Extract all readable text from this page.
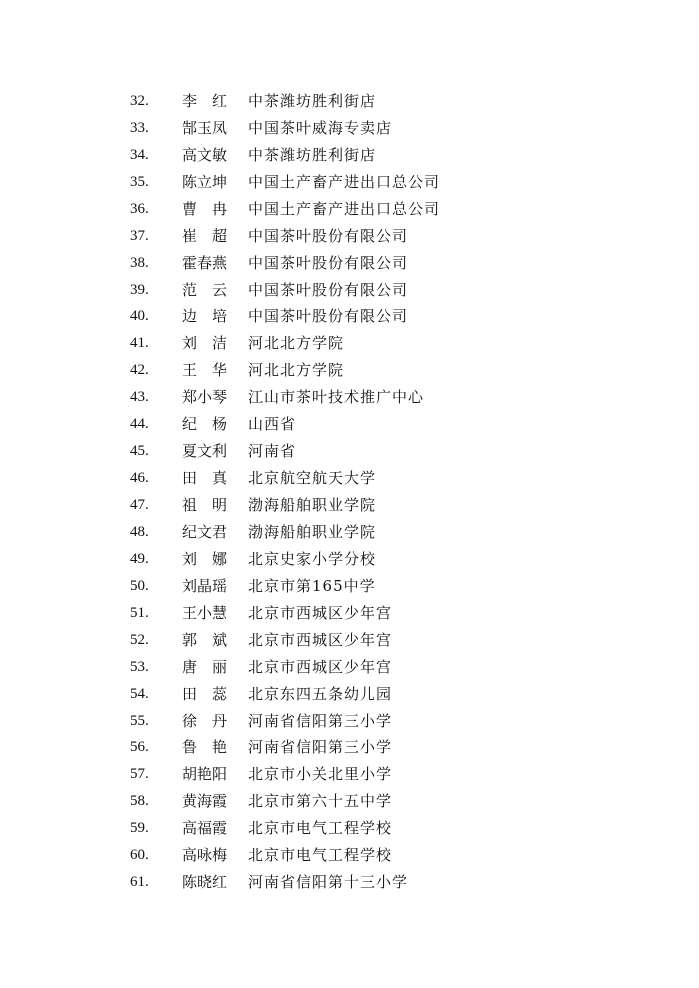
32.	李　红	中茶潍坊胜利街店
33.	郜玉凤	中国茶叶威海专卖店
34.	高文敏	中茶潍坊胜利街店
35.	陈立坤	中国土产畜产进出口总公司
36.	曹　冉	中国土产畜产进出口总公司
37.	崔　超	中国茶叶股份有限公司
38.	霍春燕	中国茶叶股份有限公司
39.	范　云	中国茶叶股份有限公司
40.	边　培	中国茶叶股份有限公司
41.	刘　洁	河北北方学院
42.	王　华	河北北方学院
43.	郑小琴	江山市茶叶技术推广中心
44.	纪　杨	山西省
45.	夏文利	河南省
46.	田　真	北京航空航天大学
47.	祖　明	渤海船舶职业学院
48.	纪文君	渤海船舶职业学院
49.	刘　娜	北京史家小学分校
50.	刘晶瑶	北京市第165中学
51.	王小慧	北京市西城区少年宫
52.	郭　斌	北京市西城区少年宫
53.	唐　丽	北京市西城区少年宫
54.	田　蕊	北京东四五条幼儿园
55.	徐　丹	河南省信阳第三小学
56.	鲁　艳	河南省信阳第三小学
57.	胡艳阳	北京市小关北里小学
58.	黄海霞	北京市第六十五中学
59.	高福霞	北京市电气工程学校
60.	高咏梅	北京市电气工程学校
61.	陈晓红	河南省信阳第十三小学
